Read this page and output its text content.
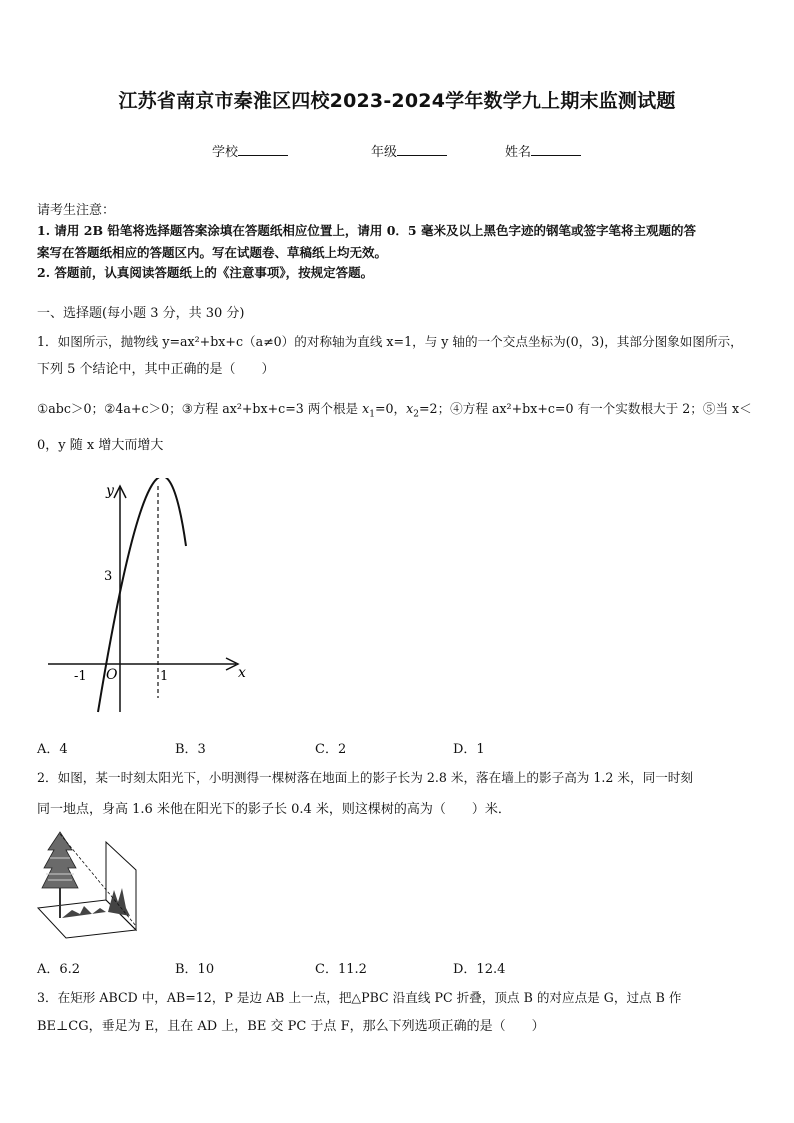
江苏省南京市秦淮区四校2023-2024学年数学九上期末监测试题
学校	年级	姓名
请考生注意：
1. 请用 2B 铅笔将选择题答案涂填在答题纸相应位置上，请用 0．5 毫米及以上黑色字迹的钢笔或签字笔将主观题的答
案写在答题纸相应的答题区内。写在试题卷、草稿纸上均无效。
2. 答题前，认真阅读答题纸上的《注意事项》，按规定答题。
一、选择题(每小题 3 分，共 30 分)
1．如图所示，抛物线 y=ax²+bx+c（a≠0）的对称轴为直线 x=1，与 y 轴的一个交点坐标为(0，3)，其部分图象如图所示，
下列 5 个结论中，其中正确的是（　　）
①abc＞0；②4a+c＞0；③方程 ax²+bx+c=3 两个根是 $x_1=0$，$x_2=2$；④方程 ax²+bx+c=0 有一个实数根大于 2；⑤当 x＜
0，y 随 x 增大而增大
y
x
O
-1	1
3
A．4	B．3	C．2	D．1
2．如图，某一时刻太阳光下，小明测得一棵树落在地面上的影子长为 2.8 米，落在墙上的影子高为 1.2 米，同一时刻
同一地点，身高 1.6 米他在阳光下的影子长 0.4 米，则这棵树的高为（　　）米．
A．6.2	B．10	C．11.2	D．12.4
3．在矩形 ABCD 中，AB=12，P 是边 AB 上一点，把△PBC 沿直线 PC 折叠，顶点 B 的对应点是 G，过点 B 作
BE⊥CG，垂足为 E，且在 AD 上，BE 交 PC 于点 F，那么下列选项正确的是（　　）
